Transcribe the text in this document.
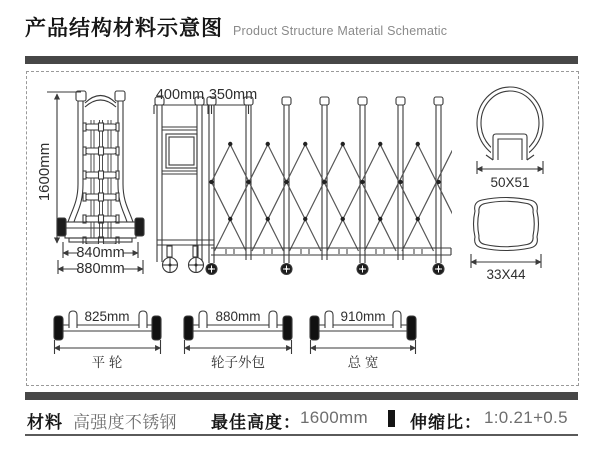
产品结构材料示意图 Product Structure Material Schematic
1600mm
840mm
880mm
400mm 350mm
50X51
33X44
825mm
平 轮
880mm
轮子外包
910mm
总 宽
材料 高强度不锈钢 最佳高度： 1600mm 伸缩比： 1:0.21+0.5
